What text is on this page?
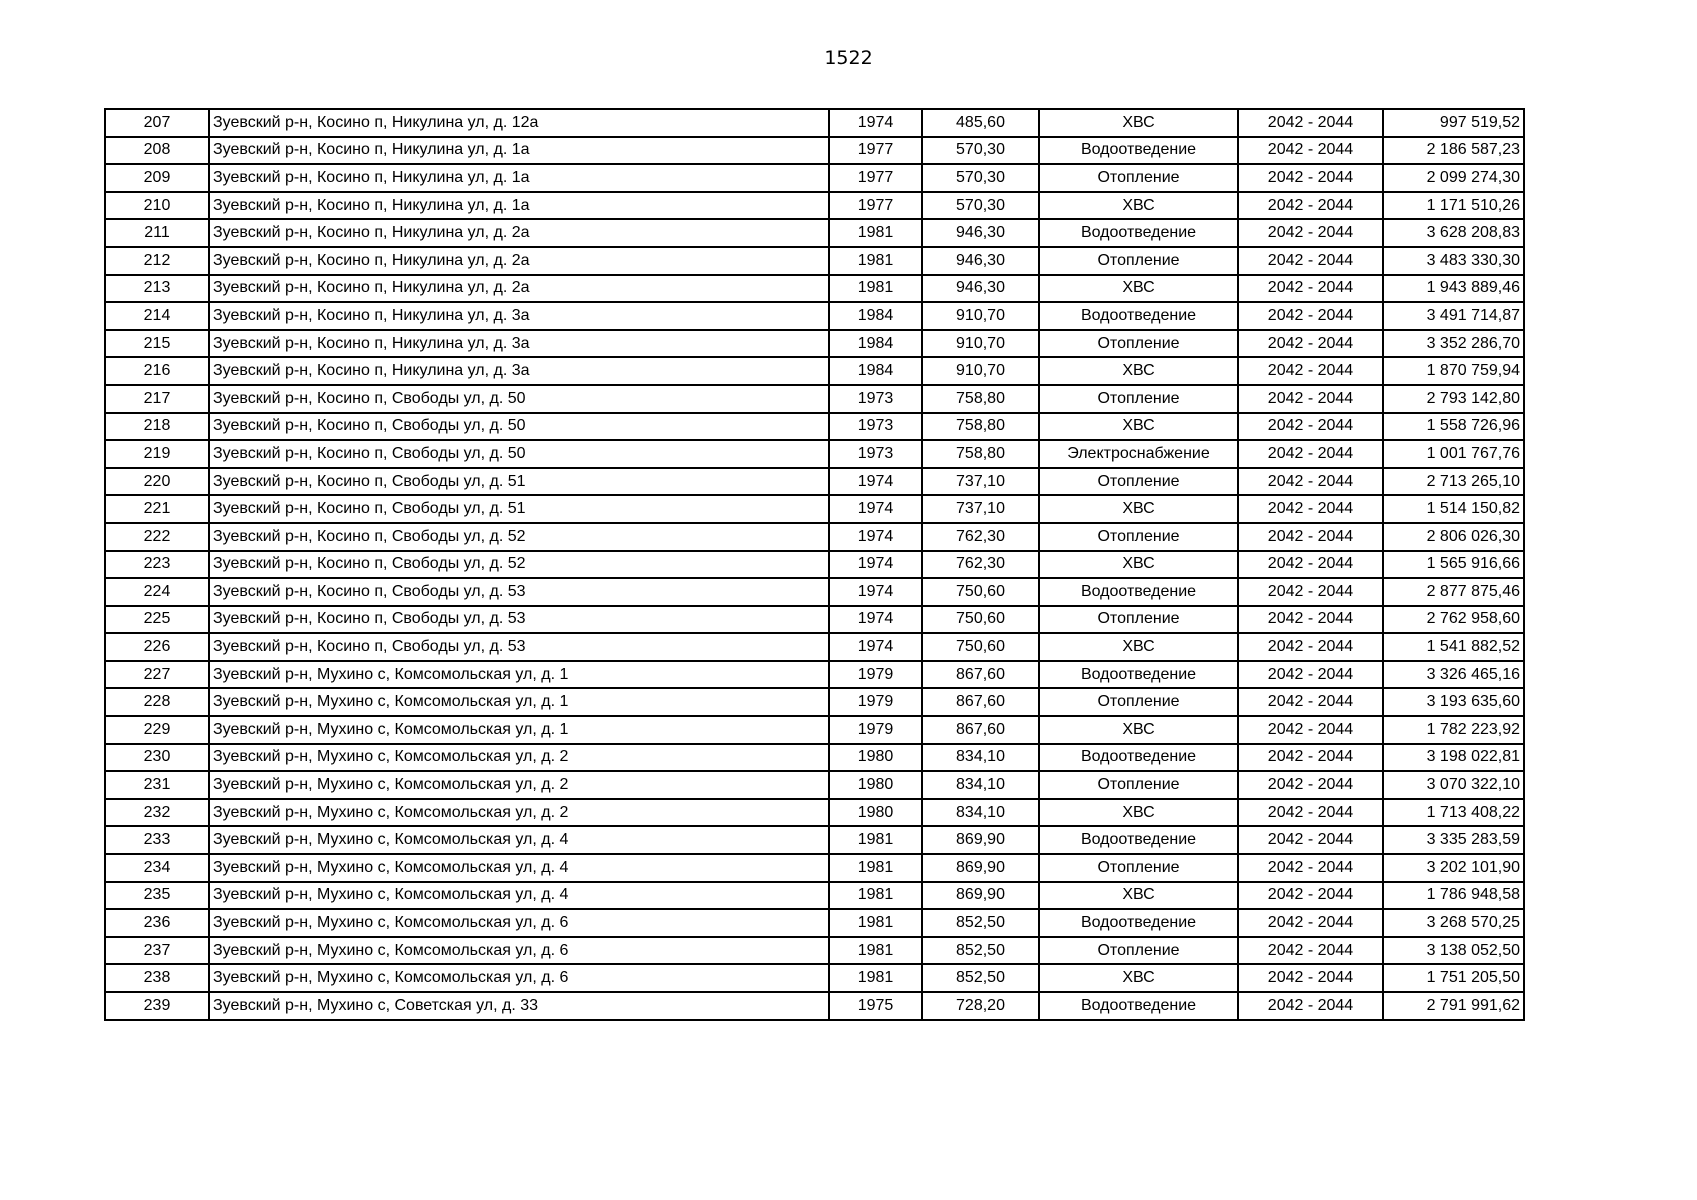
1522
207	Зуевский р-н, Косино п, Никулина ул, д. 12а	1974	485,60	ХВС	2042 - 2044	997 519,52
208	Зуевский р-н, Косино п, Никулина ул, д. 1а	1977	570,30	Водоотведение	2042 - 2044	2 186 587,23
209	Зуевский р-н, Косино п, Никулина ул, д. 1а	1977	570,30	Отопление	2042 - 2044	2 099 274,30
210	Зуевский р-н, Косино п, Никулина ул, д. 1а	1977	570,30	ХВС	2042 - 2044	1 171 510,26
211	Зуевский р-н, Косино п, Никулина ул, д. 2а	1981	946,30	Водоотведение	2042 - 2044	3 628 208,83
212	Зуевский р-н, Косино п, Никулина ул, д. 2а	1981	946,30	Отопление	2042 - 2044	3 483 330,30
213	Зуевский р-н, Косино п, Никулина ул, д. 2а	1981	946,30	ХВС	2042 - 2044	1 943 889,46
214	Зуевский р-н, Косино п, Никулина ул, д. 3а	1984	910,70	Водоотведение	2042 - 2044	3 491 714,87
215	Зуевский р-н, Косино п, Никулина ул, д. 3а	1984	910,70	Отопление	2042 - 2044	3 352 286,70
216	Зуевский р-н, Косино п, Никулина ул, д. 3а	1984	910,70	ХВС	2042 - 2044	1 870 759,94
217	Зуевский р-н, Косино п, Свободы ул, д. 50	1973	758,80	Отопление	2042 - 2044	2 793 142,80
218	Зуевский р-н, Косино п, Свободы ул, д. 50	1973	758,80	ХВС	2042 - 2044	1 558 726,96
219	Зуевский р-н, Косино п, Свободы ул, д. 50	1973	758,80	Электроснабжение	2042 - 2044	1 001 767,76
220	Зуевский р-н, Косино п, Свободы ул, д. 51	1974	737,10	Отопление	2042 - 2044	2 713 265,10
221	Зуевский р-н, Косино п, Свободы ул, д. 51	1974	737,10	ХВС	2042 - 2044	1 514 150,82
222	Зуевский р-н, Косино п, Свободы ул, д. 52	1974	762,30	Отопление	2042 - 2044	2 806 026,30
223	Зуевский р-н, Косино п, Свободы ул, д. 52	1974	762,30	ХВС	2042 - 2044	1 565 916,66
224	Зуевский р-н, Косино п, Свободы ул, д. 53	1974	750,60	Водоотведение	2042 - 2044	2 877 875,46
225	Зуевский р-н, Косино п, Свободы ул, д. 53	1974	750,60	Отопление	2042 - 2044	2 762 958,60
226	Зуевский р-н, Косино п, Свободы ул, д. 53	1974	750,60	ХВС	2042 - 2044	1 541 882,52
227	Зуевский р-н, Мухино с, Комсомольская ул, д. 1	1979	867,60	Водоотведение	2042 - 2044	3 326 465,16
228	Зуевский р-н, Мухино с, Комсомольская ул, д. 1	1979	867,60	Отопление	2042 - 2044	3 193 635,60
229	Зуевский р-н, Мухино с, Комсомольская ул, д. 1	1979	867,60	ХВС	2042 - 2044	1 782 223,92
230	Зуевский р-н, Мухино с, Комсомольская ул, д. 2	1980	834,10	Водоотведение	2042 - 2044	3 198 022,81
231	Зуевский р-н, Мухино с, Комсомольская ул, д. 2	1980	834,10	Отопление	2042 - 2044	3 070 322,10
232	Зуевский р-н, Мухино с, Комсомольская ул, д. 2	1980	834,10	ХВС	2042 - 2044	1 713 408,22
233	Зуевский р-н, Мухино с, Комсомольская ул, д. 4	1981	869,90	Водоотведение	2042 - 2044	3 335 283,59
234	Зуевский р-н, Мухино с, Комсомольская ул, д. 4	1981	869,90	Отопление	2042 - 2044	3 202 101,90
235	Зуевский р-н, Мухино с, Комсомольская ул, д. 4	1981	869,90	ХВС	2042 - 2044	1 786 948,58
236	Зуевский р-н, Мухино с, Комсомольская ул, д. 6	1981	852,50	Водоотведение	2042 - 2044	3 268 570,25
237	Зуевский р-н, Мухино с, Комсомольская ул, д. 6	1981	852,50	Отопление	2042 - 2044	3 138 052,50
238	Зуевский р-н, Мухино с, Комсомольская ул, д. 6	1981	852,50	ХВС	2042 - 2044	1 751 205,50
239	Зуевский р-н, Мухино с, Советская ул, д. 33	1975	728,20	Водоотведение	2042 - 2044	2 791 991,62
